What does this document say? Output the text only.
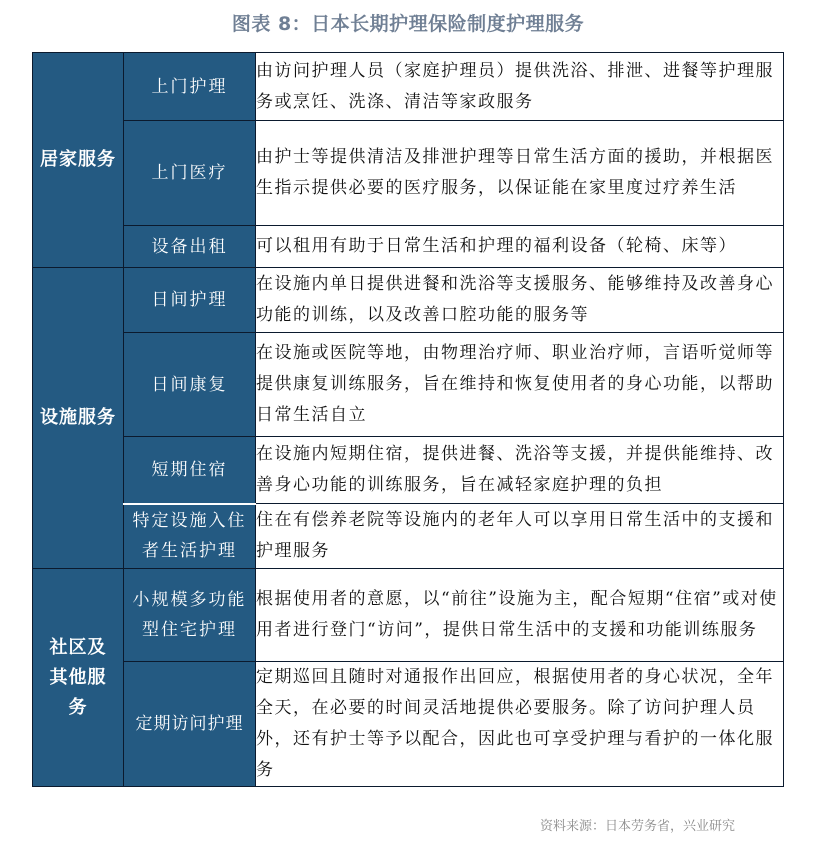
图表 8：日本长期护理保险制度护理服务
居家服务	上门护理	由访问护理人员（家庭护理员）提供洗浴、排泄、进餐等护理服务或烹饪、洗涤、清洁等家政服务
	上门医疗	由护士等提供清洁及排泄护理等日常生活方面的援助，并根据医生指示提供必要的医疗服务，以保证能在家里度过疗养生活
	设备出租	可以租用有助于日常生活和护理的福利设备（轮椅、床等）
设施服务	日间护理	在设施内单日提供进餐和洗浴等支援服务、能够维持及改善身心功能的训练，以及改善口腔功能的服务等
	日间康复	在设施或医院等地，由物理治疗师、职业治疗师，言语听觉师等提供康复训练服务，旨在维持和恢复使用者的身心功能，以帮助日常生活自立
	短期住宿	在设施内短期住宿，提供进餐、洗浴等支援，并提供能维持、改善身心功能的训练服务，旨在减轻家庭护理的负担
	特定设施入住者生活护理	住在有偿养老院等设施内的老年人可以享用日常生活中的支援和护理服务

社区及其他服务	小规模多功能型住宅护理	根据使用者的意愿，以“前往”设施为主，配合短期“住宿”或对使用者进行登门“访问”，提供日常生活中的支援和功能训练服务
	定期访问护理	定期巡回且随时对通报作出回应，根据使用者的身心状况，全年全天，在必要的时间灵活地提供必要服务。除了访问护理人员外，还有护士等予以配合，因此也可享受护理与看护的一体化服务
资料来源：日本劳务省，兴业研究
